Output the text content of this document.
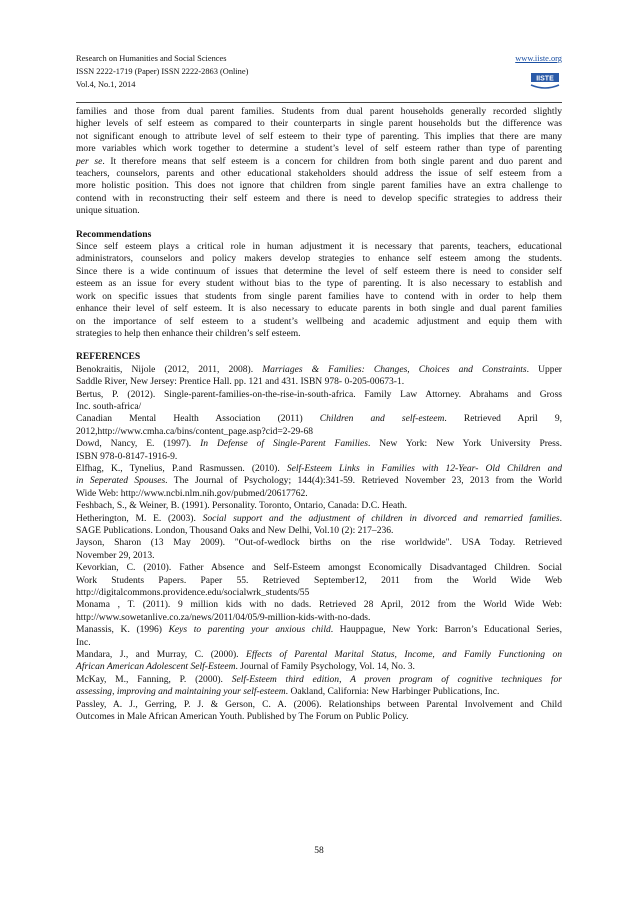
Research on Humanities and Social Sciences
ISSN 2222-1719 (Paper) ISSN 2222-2863 (Online)
Vol.4, No.1, 2014
www.iiste.org
IISTE
families and those from dual parent families. Students from dual parent households generally recorded slightly
higher levels of self esteem as compared to their counterparts in single parent households but the difference was
not significant enough to attribute level of self esteem to their type of parenting. This implies that there are many
more variables which work together to determine a student’s level of self esteem rather than type of parenting
per se. It therefore means that self esteem is a concern for children from both single parent and duo parent and
teachers, counselors, parents and other educational stakeholders should address the issue of self esteem from a
more holistic position. This does not ignore that children from single parent families have an extra challenge to
contend with in reconstructing their self esteem and there is need to develop specific strategies to address their
unique situation.
Recommendations
Since self esteem plays a critical role in human adjustment it is necessary that parents, teachers, educational
administrators, counselors and policy makers develop strategies to enhance self esteem among the students.
Since there is a wide continuum of issues that determine the level of self esteem there is need to consider self
esteem as an issue for every student without bias to the type of parenting. It is also necessary to establish and
work on specific issues that students from single parent families have to contend with in order to help them
enhance their level of self esteem. It is also necessary to educate parents in both single and dual parent families
on the importance of self esteem to a student’s wellbeing and academic adjustment and equip them with
strategies to help then enhance their children’s self esteem.
REFERENCES
Benokraitis, Nijole (2012, 2011, 2008). Marriages & Families: Changes, Choices and Constraints. Upper
Saddle River, New Jersey: Prentice Hall. pp. 121 and 431. ISBN 978- 0-205-00673-1.
Bertus, P. (2012). Single-parent-families-on-the-rise-in-south-africa. Family Law Attorney. Abrahams and Gross
Inc. south-africa/
Canadian Mental Health Association (2011) Children and self-esteem. Retrieved April 9,
2012,http://www.cmha.ca/bins/content_page.asp?cid=2-29-68
Dowd, Nancy, E. (1997). In Defense of Single-Parent Families. New York: New York University Press.
ISBN 978-0-8147-1916-9.
Elfhag, K., Tynelius, P.and Rasmussen. (2010). Self-Esteem Links in Families with 12-Year- Old Children and
in Seperated Spouses. The Journal of Psychology; 144(4):341-59. Retrieved November 23, 2013 from the World
Wide Web: http://www.ncbi.nlm.nih.gov/pubmed/20617762.
Feshbach, S., & Weiner, B. (1991). Personality. Toronto, Ontario, Canada: D.C. Heath.
Hetherington, M. E. (2003). Social support and the adjustment of children in divorced and remarried families.
SAGE Publications. London, Thousand Oaks and New Delhi, Vol.10 (2): 217–236.
Jayson, Sharon (13 May 2009). "Out-of-wedlock births on the rise worldwide". USA Today. Retrieved
November 29, 2013.
Kevorkian, C. (2010). Father Absence and Self-Esteem amongst Economically Disadvantaged Children. Social
Work Students Papers. Paper 55. Retrieved September12, 2011 from the World Wide Web
http://digitalcommons.providence.edu/socialwrk_students/55
Monama , T. (2011). 9 million kids with no dads. Retrieved 28 April, 2012 from the World Wide Web:
http://www.sowetanlive.co.za/news/2011/04/05/9-million-kids-with-no-dads.
Manassis, K. (1996) Keys to parenting your anxious child. Hauppague, New York: Barron’s Educational Series,
Inc.
Mandara, J., and Murray, C. (2000). Effects of Parental Marital Status, Income, and Family Functioning on
African American Adolescent Self-Esteem. Journal of Family Psychology, Vol. 14, No. 3.
McKay, M., Fanning, P. (2000). Self-Esteem third edition, A proven program of cognitive techniques for
assessing, improving and maintaining your self-esteem. Oakland, California: New Harbinger Publications, Inc.
Passley, A. J., Gerring, P. J. & Gerson, C. A. (2006). Relationships between Parental Involvement and Child
Outcomes in Male African American Youth. Published by The Forum on Public Policy.
58
